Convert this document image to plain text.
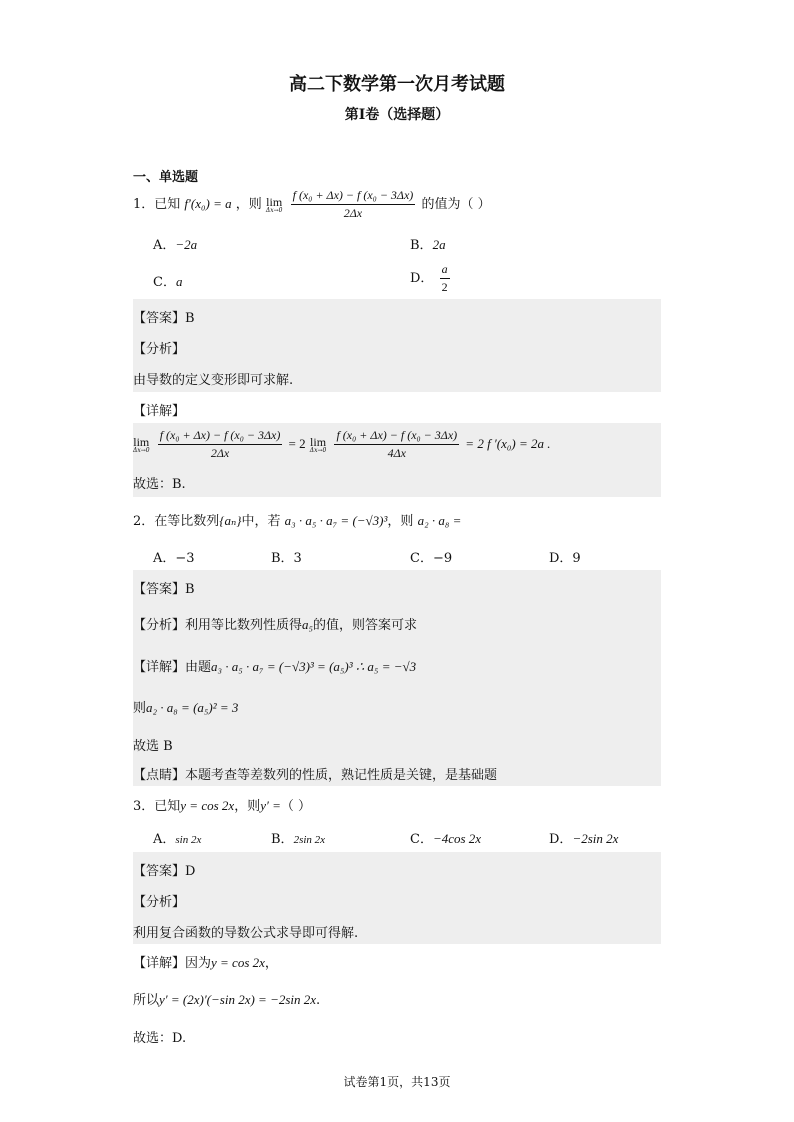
高二下数学第一次月考试题
第Ⅰ卷（选择题）
一、单选题
1．已知 f′(x₀) = a ，则 lim
Δx→0
$\frac{\text{f (x₀ + Δx) − f (x₀ − 3Δx)}}{2\Delta x}$ 的值为（ ）
A．−2a	B．2a
C．a	D． $\frac{a}{2}$
【答案】B
【分析】
由导数的定义变形即可求解.
【详解】
lim
Δx→0
$\frac{\text{f (x₀ + Δx) − f (x₀ − 3Δx)}}{2\Delta x} = 2$ lim
Δx→0
$\frac{\text{f (x₀ + Δx) − f (x₀ − 3Δx)}}{4\Delta x} = 2$ f ′(x₀) = 2a .
故选：B.
2．在等比数列{aₙ}中，若 a₃ · a₅ · a₇ = (−√3)³，则 a₂ · a₈ =
A．−3	B．3	C．−9	D．9
【答案】B
【分析】利用等比数列性质得a₅的值，则答案可求
【详解】由题a₃ · a₅ · a₇ = (−√3)³ = (a₅)³ ∴ a₅ = −√3
则a₂ · a₈ = (a₅)² = 3
故选 B
【点睛】本题考查等差数列的性质，熟记性质是关键，是基础题
3．已知y = cos 2x，则y′ =（ ）
A．sin 2x	B．2sin 2x	C．−4cos 2x	D．−2sin 2x
【答案】D
【分析】
利用复合函数的导数公式求导即可得解.
【详解】因为y = cos 2x，
所以y′ = (2x)′(−sin 2x) = −2sin 2x.
故选：D.
试卷第1页，共13页
